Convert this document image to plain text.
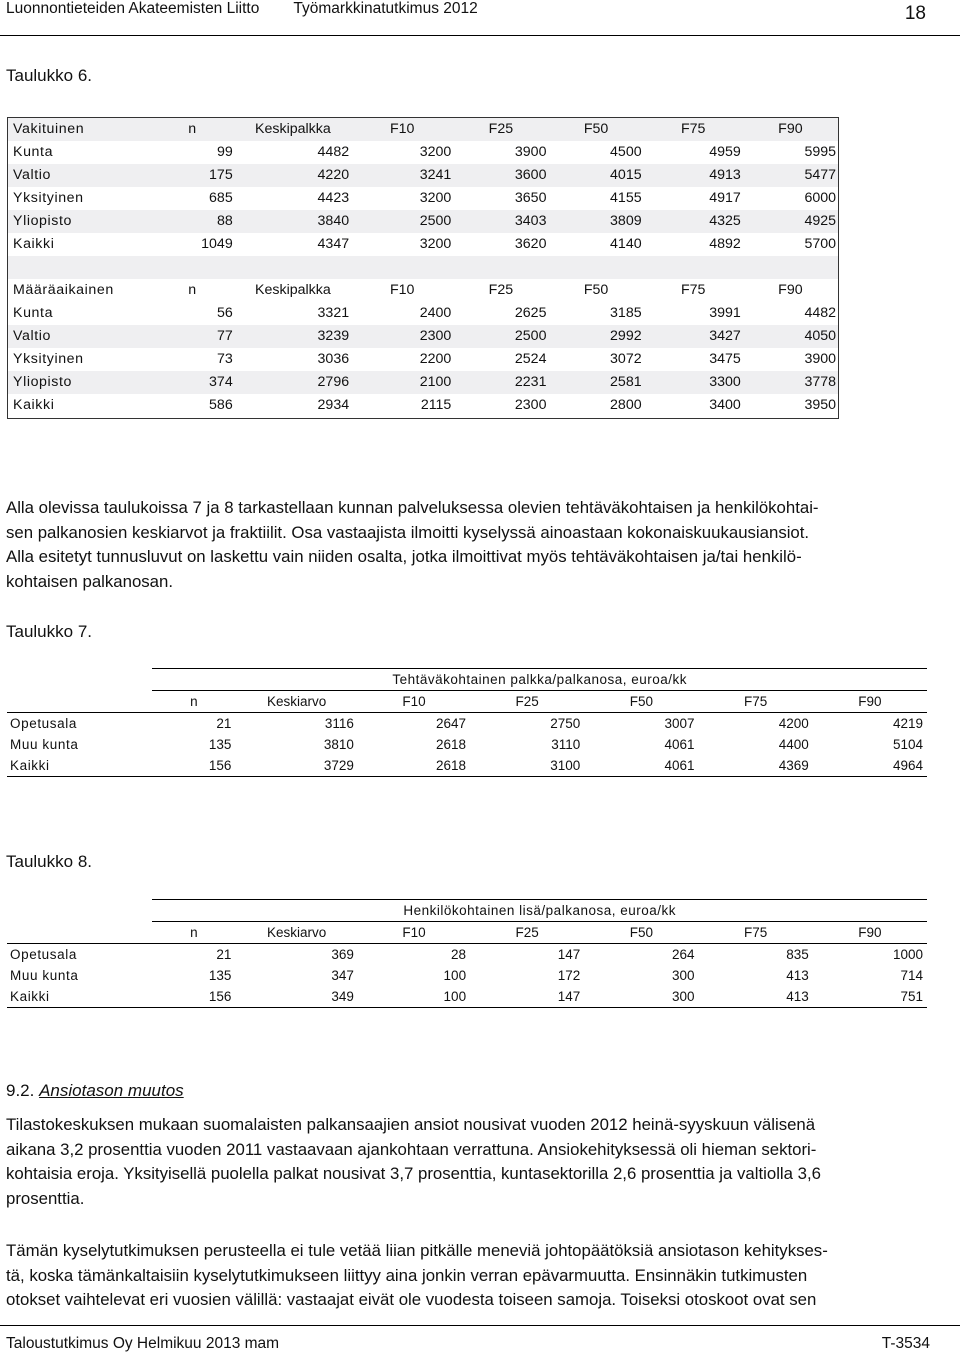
Luonnontieteiden Akateemisten Liitto Työmarkkinatutkimus 2012	18
Taulukko 6.
Vakituinen	n	Keskipalkka	F10	F25	F50	F75	F90
Kunta	99	4482	3200	3900	4500	4959	5995
Valtio	175	4220	3241	3600	4015	4913	5477
Yksityinen	685	4423	3200	3650	4155	4917	6000
Yliopisto	88	3840	2500	3403	3809	4325	4925
Kaikki	1049	4347	3200	3620	4140	4892	5700

Määräaikainen	n	Keskipalkka	F10	F25	F50	F75	F90
Kunta	56	3321	2400	2625	3185	3991	4482
Valtio	77	3239	2300	2500	2992	3427	4050
Yksityinen	73	3036	2200	2524	3072	3475	3900
Yliopisto	374	2796	2100	2231	2581	3300	3778
Kaikki	586	2934	2115	2300	2800	3400	3950
Alla olevissa taulukoissa 7 ja 8 tarkastellaan kunnan palveluksessa olevien tehtäväkohtaisen ja henkilökohtai-
sen palkanosien keskiarvot ja fraktiilit. Osa vastaajista ilmoitti kyselyssä ainoastaan kokonaiskuukausiansiot.
Alla esitetyt tunnusluvut on laskettu vain niiden osalta, jotka ilmoittivat myös tehtäväkohtaisen ja/tai henkilö-
kohtaisen palkanosan.
Taulukko 7.
	Tehtäväkohtainen palkka/palkanosa, euroa/kk						
	n	Keskiarvo	F10	F25	F50	F75	F90
Opetusala	21	3116	2647	2750	3007	4200	4219
Muu kunta	135	3810	2618	3110	4061	4400	5104
Kaikki	156	3729	2618	3100	4061	4369	4964
Taulukko 8.
	Henkilökohtainen lisä/palkanosa, euroa/kk						
	n	Keskiarvo	F10	F25	F50	F75	F90
Opetusala	21	369	28	147	264	835	1000
Muu kunta	135	347	100	172	300	413	714
Kaikki	156	349	100	147	300	413	751
9.2. Ansiotason muutos
Tilastokeskuksen mukaan suomalaisten palkansaajien ansiot nousivat vuoden 2012 heinä-syyskuun välisenä
aikana 3,2 prosenttia vuoden 2011 vastaavaan ajankohtaan verrattuna. Ansiokehityksessä oli hieman sektori-
kohtaisia eroja. Yksityisellä puolella palkat nousivat 3,7 prosenttia, kuntasektorilla 2,6 prosenttia ja valtiolla 3,6
prosenttia.
Tämän kyselytutkimuksen perusteella ei tule vetää liian pitkälle meneviä johtopäätöksiä ansiotason kehitykses-
tä, koska tämänkaltaisiin kyselytutkimukseen liittyy aina jonkin verran epävarmuutta. Ensinnäkin tutkimusten
otokset vaihtelevat eri vuosien välillä: vastaajat eivät ole vuodesta toiseen samoja. Toiseksi otoskoot ovat sen
Taloustutkimus Oy Helmikuu 2013 mam	T-3534
